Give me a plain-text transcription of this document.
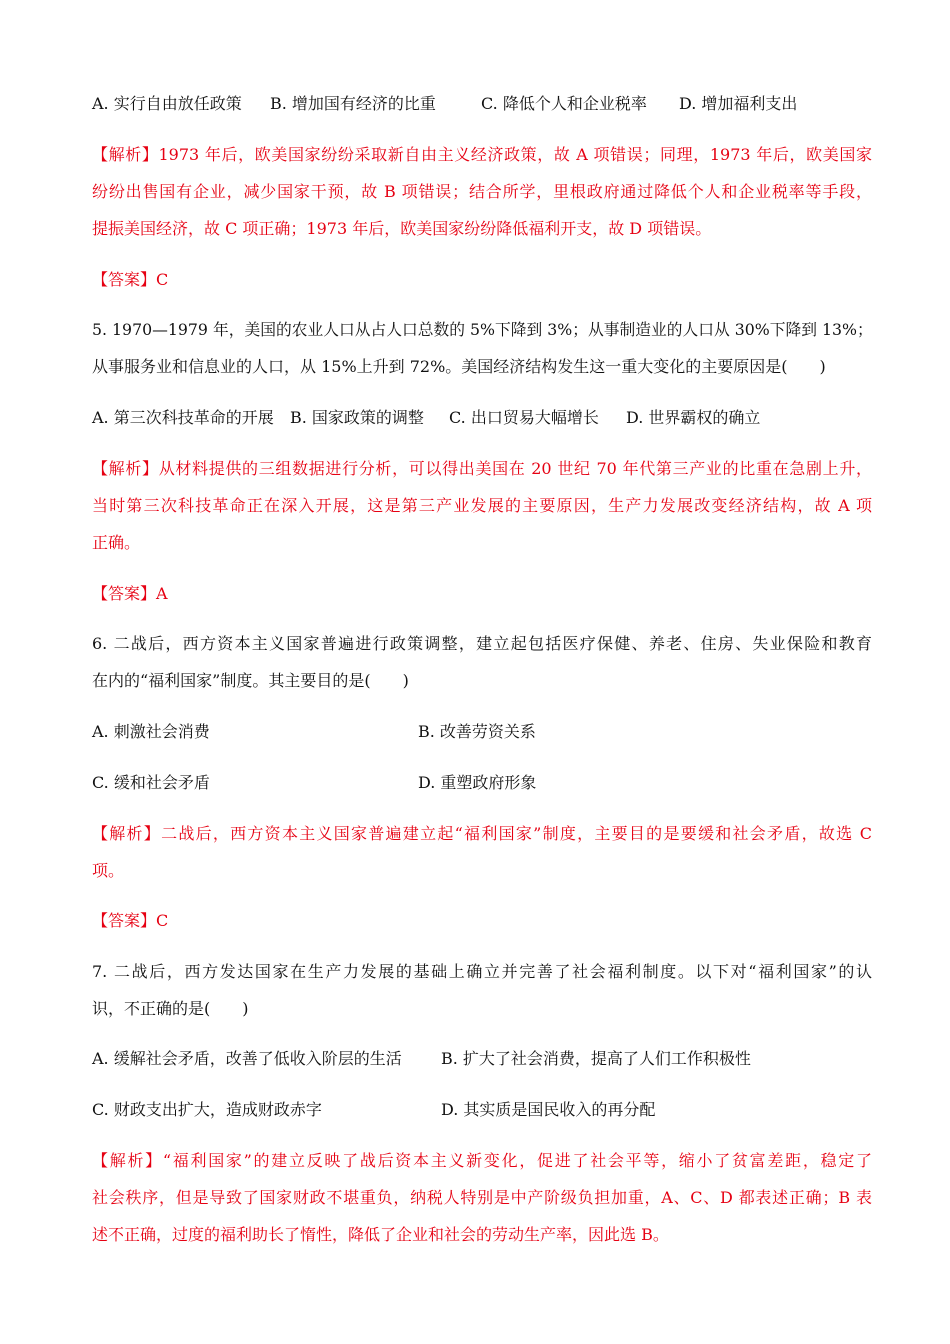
A. 实行自由放任政策 B. 增加国有经济的比重	C. 降低个人和企业税率 D. 增加福利支出
【解析】1973 年后，欧美国家纷纷采取新自由主义经济政策，故 A 项错误；同理，1973 年后，欧美国家
纷纷出售国有企业，减少国家干预，故 B 项错误；结合所学，里根政府通过降低个人和企业税率等手段，
提振美国经济，故 C 项正确；1973 年后，欧美国家纷纷降低福利开支，故 D 项错误。
【答案】C
5. 1970—1979 年，美国的农业人口从占人口总数的 5%下降到 3%；从事制造业的人口从 30%下降到 13%；
从事服务业和信息业的人口，从 15%上升到 72%。美国经济结构发生这一重大变化的主要原因是(　　)
A. 第三次科技革命的开展 B. 国家政策的调整 C. 出口贸易大幅增长 D. 世界霸权的确立
【解析】从材料提供的三组数据进行分析，可以得出美国在 20 世纪 70 年代第三产业的比重在急剧上升，
当时第三次科技革命正在深入开展，这是第三产业发展的主要原因，生产力发展改变经济结构，故 A 项
正确。
【答案】A
6. 二战后，西方资本主义国家普遍进行政策调整，建立起包括医疗保健、养老、住房、失业保险和教育
在内的“福利国家”制度。其主要目的是(　　)
A. 刺激社会消费	B. 改善劳资关系
C. 缓和社会矛盾	D. 重塑政府形象
【解析】二战后，西方资本主义国家普遍建立起“福利国家”制度，主要目的是要缓和社会矛盾，故选 C
项。
【答案】C
7. 二战后，西方发达国家在生产力发展的基础上确立并完善了社会福利制度。以下对“福利国家”的认
识，不正确的是(　　)
A. 缓解社会矛盾，改善了低收入阶层的生活 B. 扩大了社会消费，提高了人们工作积极性
C. 财政支出扩大，造成财政赤字	D. 其实质是国民收入的再分配
【解析】“福利国家”的建立反映了战后资本主义新变化，促进了社会平等，缩小了贫富差距，稳定了
社会秩序，但是导致了国家财政不堪重负，纳税人特别是中产阶级负担加重，A、C、D 都表述正确；B 表
述不正确，过度的福利助长了惰性，降低了企业和社会的劳动生产率，因此选 B。
